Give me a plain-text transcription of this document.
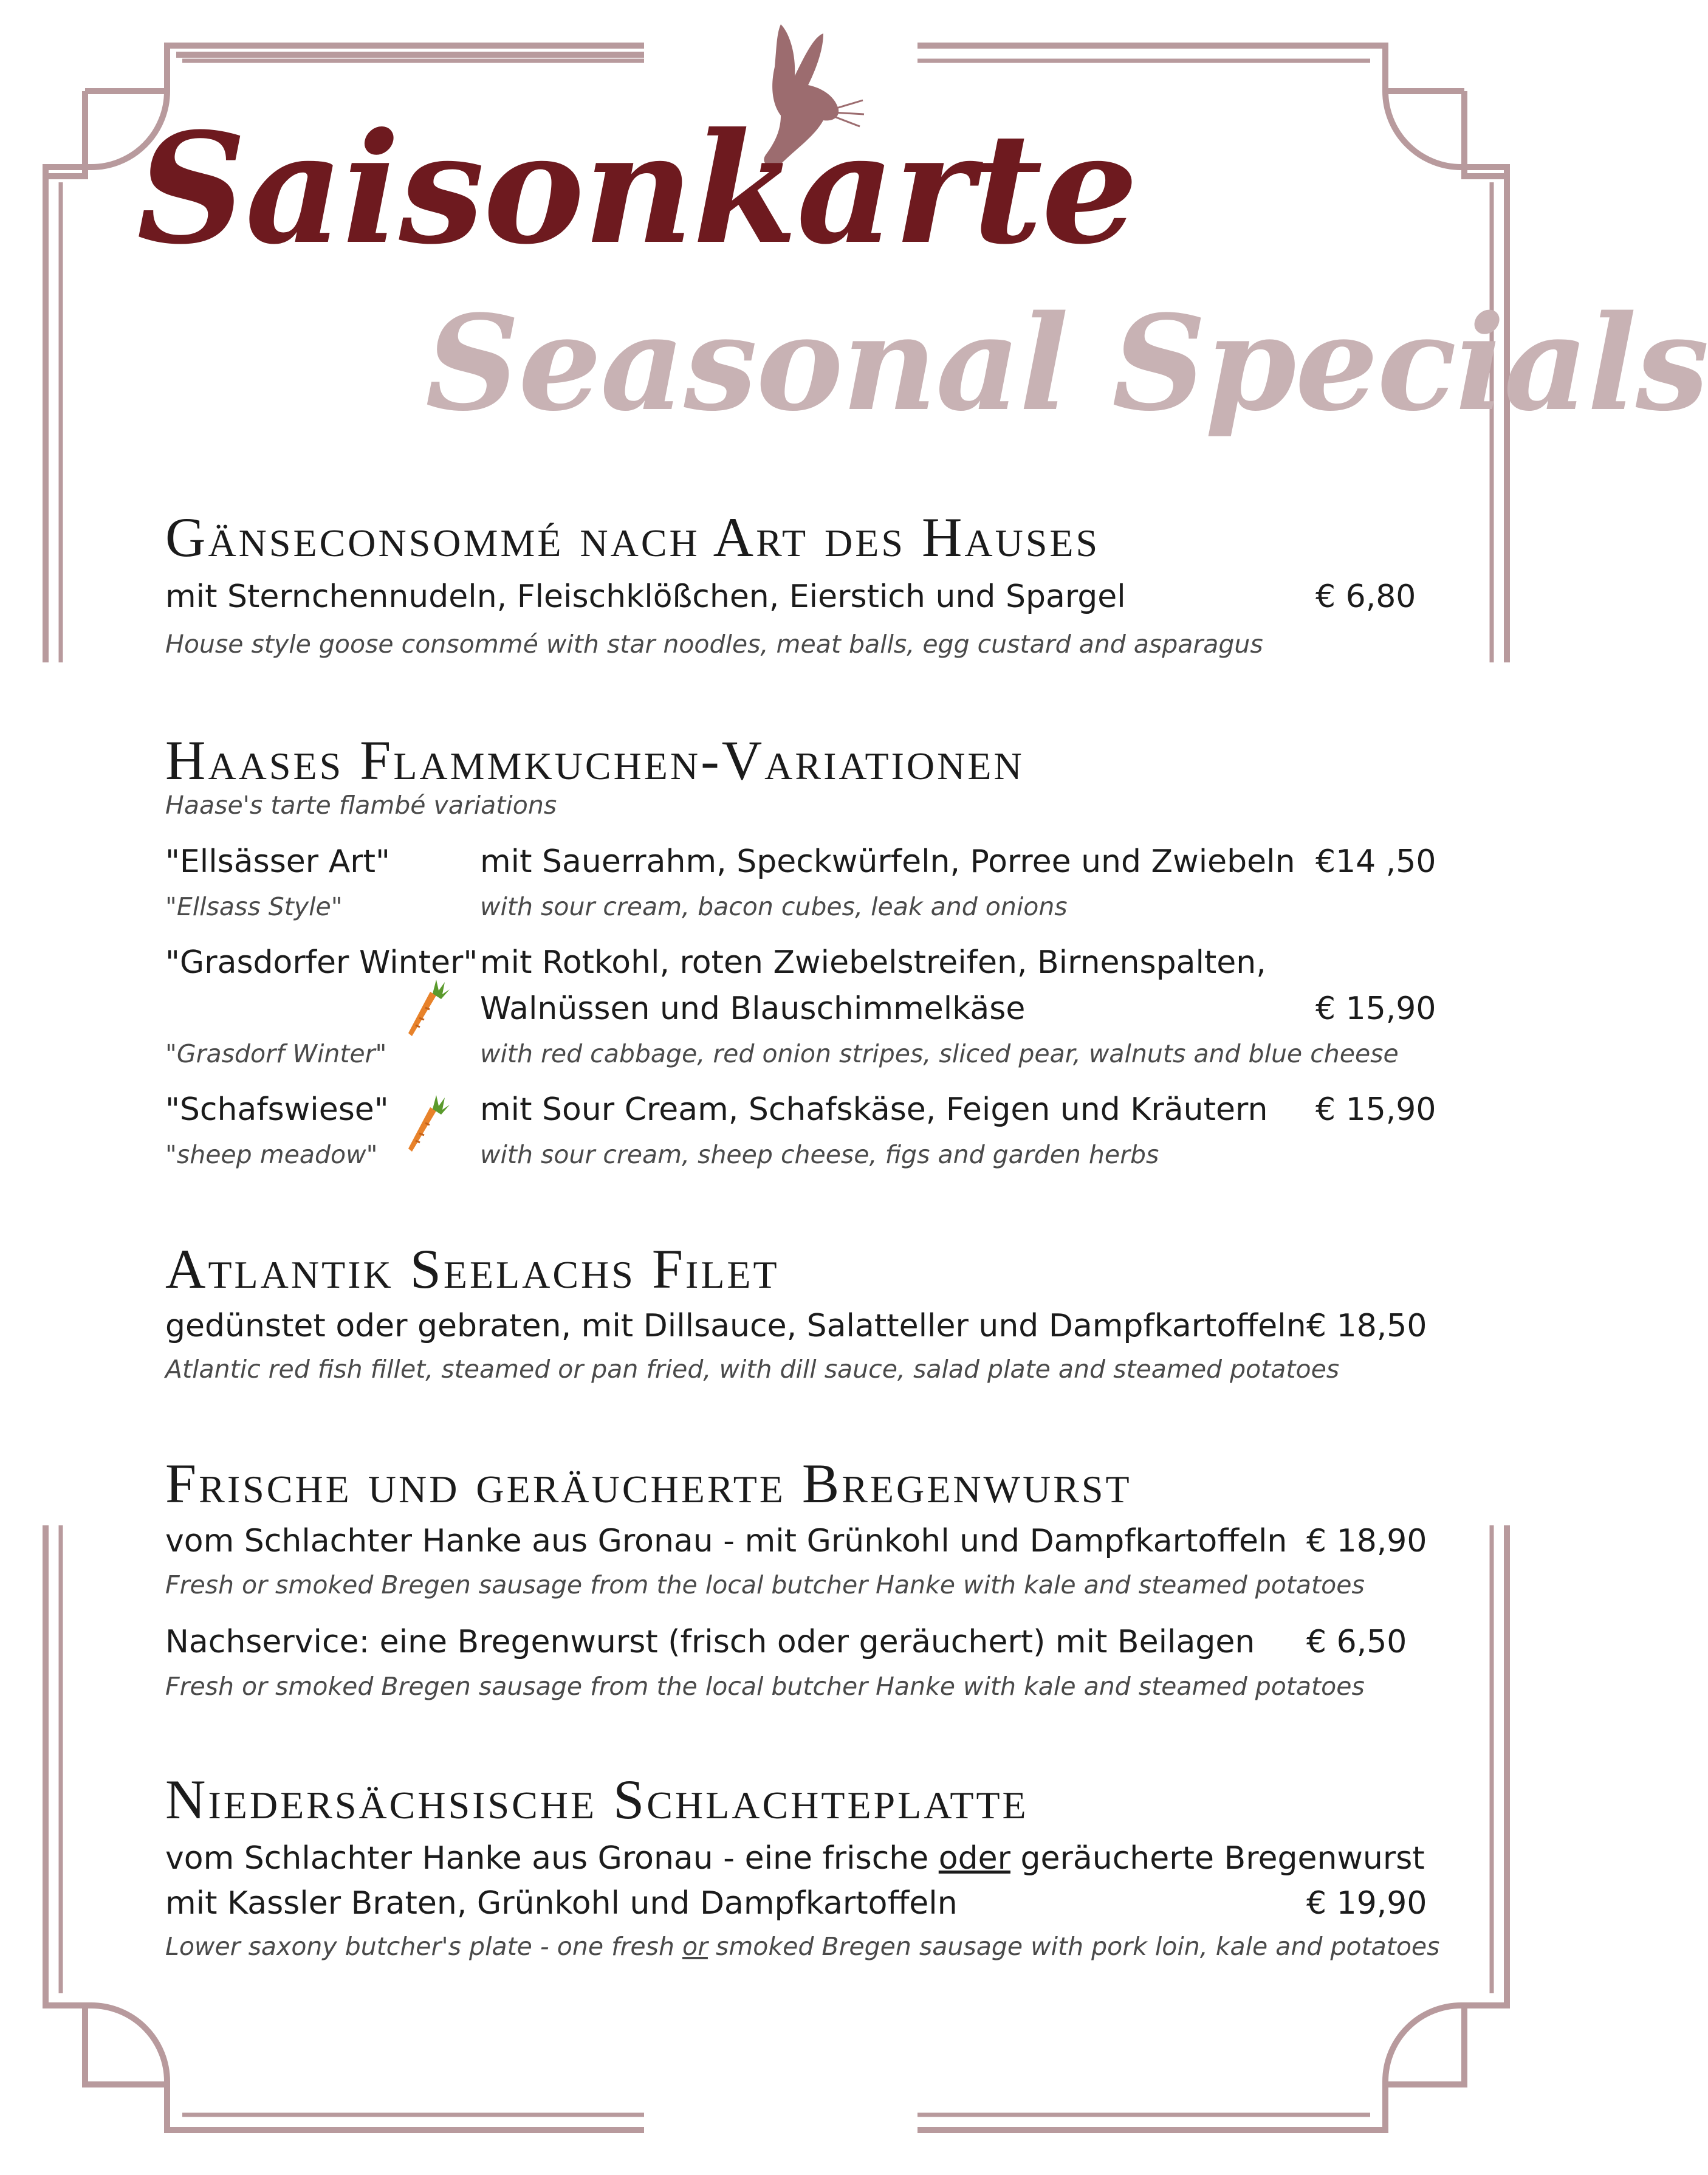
Saisonkarte
Seasonal Specials
Gänseconsommé nach Art des Hauses
mit Sternchennudeln, Fleischklößchen, Eierstich und Spargel	€ 6,80
House style goose consommé with star noodles, meat balls, egg custard and asparagus
Haases Flammkuchen-Variationen
Haase's tarte flambé variations
"Ellsässer Art"	mit Sauerrahm, Speckwürfeln, Porree und Zwiebeln €14 ,50
"Ellsass Style"	with sour cream, bacon cubes, leak and onions
"Grasdorfer Winter" mit Rotkohl, roten Zwiebelstreifen, Birnenspalten,
Walnüssen und Blauschimmelkäse	€ 15,90
"Grasdorf Winter"	with red cabbage, red onion stripes, sliced pear, walnuts and blue cheese
"Schafswiese"	mit Sour Cream, Schafskäse, Feigen und Kräutern € 15,90
"sheep meadow"	with sour cream, sheep cheese, figs and garden herbs
Atlantik Seelachs Filet
gedünstet oder gebraten, mit Dillsauce, Salatteller und Dampfkartoffeln € 18,50
Atlantic red fish fillet, steamed or pan fried, with dill sauce, salad plate and steamed potatoes
Frische und geräucherte Bregenwurst
vom Schlachter Hanke aus Gronau - mit Grünkohl und Dampfkartoffeln € 18,90
Fresh or smoked Bregen sausage from the local butcher Hanke with kale and steamed potatoes
Nachservice: eine Bregenwurst (frisch oder geräuchert) mit Beilagen € 6,50
Fresh or smoked Bregen sausage from the local butcher Hanke with kale and steamed potatoes
Niedersächsische Schlachteplatte
vom Schlachter Hanke aus Gronau - eine frische oder geräucherte Bregenwurst
mit Kassler Braten, Grünkohl und Dampfkartoffeln	€ 19,90
Lower saxony butcher's plate - one fresh or smoked Bregen sausage with pork loin, kale and potatoes
